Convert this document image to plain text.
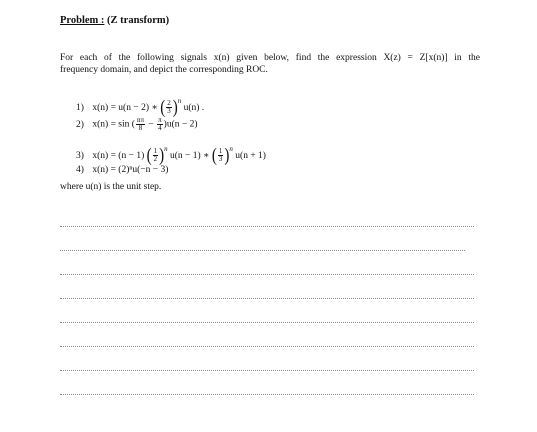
Problem : (Z transform)

For each of the following signals x(n) given below, find the expression X(z) = Z[x(n)] in the

frequency domain, and depict the corresponding ROC.

1) x(n) = u(n − 2) ∗ ( $\frac{2}{3} )^n$ u(n) .
2) x(n) = sin ( $\frac{n\pi}{8} - \frac{\pi}{4} )u(n - 2)$
3) x(n) = (n − 1) ( $\frac{1}{2} )^n$ u(n − 1) ∗ ( $\frac{1}{3} )^n$ u(n + 1)
4) x(n) = (2)ⁿu(−n − 3)
where u(n) is the unit step.
